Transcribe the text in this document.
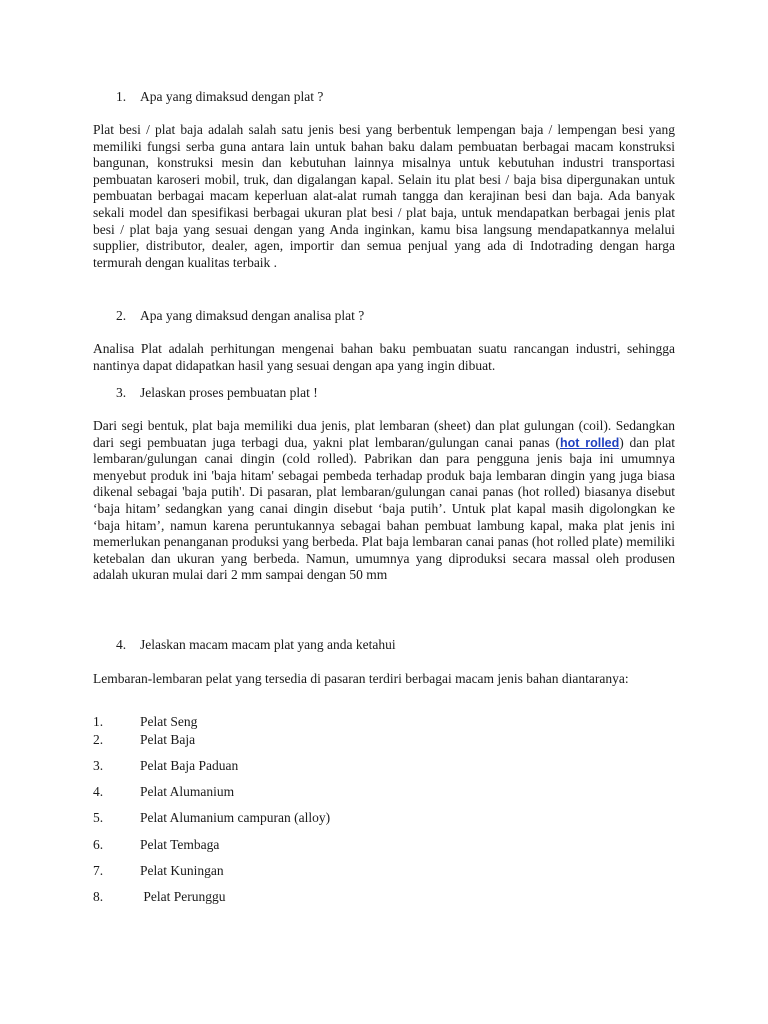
1. Apa yang dimaksud dengan plat ?
Plat besi / plat baja adalah salah satu jenis besi yang berbentuk lempengan baja / lempengan besi yang memiliki fungsi serba guna antara lain untuk bahan baku dalam pembuatan berbagai macam konstruksi bangunan, konstruksi mesin dan kebutuhan lainnya misalnya untuk kebutuhan industri transportasi pembuatan karoseri mobil, truk, dan digalangan kapal. Selain itu plat besi / baja bisa dipergunakan untuk pembuatan berbagai macam keperluan alat-alat rumah tangga dan kerajinan besi dan baja. Ada banyak sekali model dan spesifikasi berbagai ukuran plat besi / plat baja, untuk mendapatkan berbagai jenis plat besi / plat baja yang sesuai dengan yang Anda inginkan, kamu bisa langsung mendapatkannya melalui supplier, distributor, dealer, agen, importir dan semua penjual yang ada di Indotrading dengan harga termurah dengan kualitas terbaik .
2. Apa yang dimaksud dengan analisa plat ?
Analisa Plat adalah perhitungan mengenai bahan baku pembuatan suatu rancangan industri, sehingga nantinya dapat didapatkan hasil yang sesuai dengan apa yang ingin dibuat.
3. Jelaskan proses pembuatan plat !
Dari segi bentuk, plat baja memiliki dua jenis, plat lembaran (sheet) dan plat gulungan (coil). Sedangkan dari segi pembuatan juga terbagi dua, yakni plat lembaran/gulungan canai panas (hot rolled) dan plat lembaran/gulungan canai dingin (cold rolled). Pabrikan dan para pengguna jenis baja ini umumnya menyebut produk ini 'baja hitam' sebagai pembeda terhadap produk baja lembaran dingin yang juga biasa dikenal sebagai 'baja putih'. Di pasaran, plat lembaran/gulungan canai panas (hot rolled) biasanya disebut ‘baja hitam’ sedangkan yang canai dingin disebut ‘baja putih’. Untuk plat kapal masih digolongkan ke ‘baja hitam’, namun karena peruntukannya sebagai bahan pembuat lambung kapal, maka plat jenis ini memerlukan penanganan produksi yang berbeda. Plat baja lembaran canai panas (hot rolled plate) memiliki ketebalan dan ukuran yang berbeda. Namun, umumnya yang diproduksi secara massal oleh produsen adalah ukuran mulai dari 2 mm sampai dengan 50 mm
4. Jelaskan macam macam plat yang anda ketahui
Lembaran-lembaran pelat yang tersedia di pasaran terdiri berbagai macam jenis bahan diantaranya:
1.	Pelat Seng
2.	Pelat Baja
3.	Pelat Baja Paduan
4.	Pelat Alumanium
5.	Pelat Alumanium campuran (alloy)
6.	Pelat Tembaga
7.	Pelat Kuningan
8.	Pelat Perunggu
